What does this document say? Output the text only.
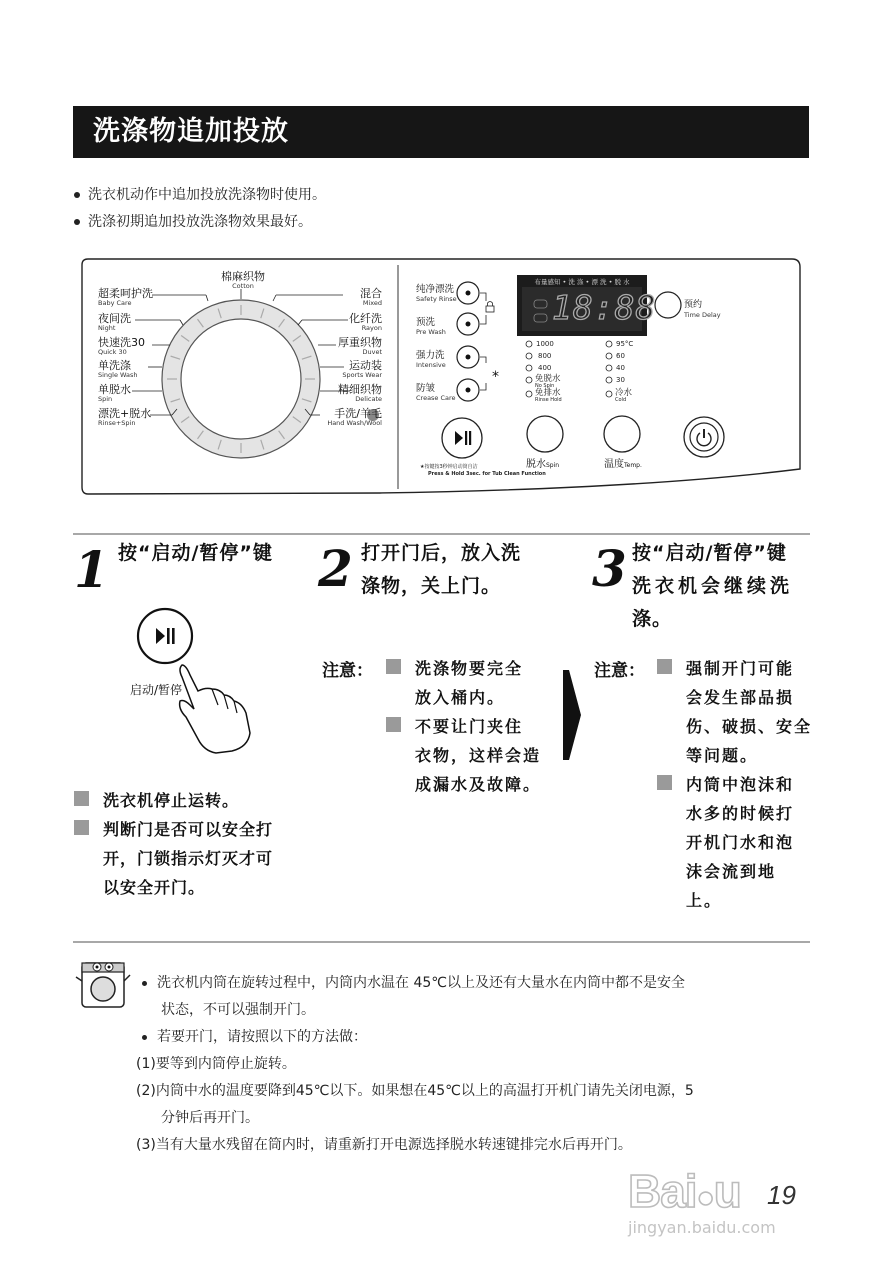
洗涤物追加投放
洗衣机动作中追加投放洗涤物时使用。
洗涤初期追加投放洗涤物效果最好。
*
棉麻织物
Cotton
超柔呵护洗
Baby Care
夜间洗
Night
快速洗30
Quick 30
单洗涤
Single Wash
单脱水
Spin
漂洗+脱水
Rinse+Spin
混合
Mixed
化纤洗
Rayon
厚重织物
Duvet
运动装
Sports Wear
精细织物
Delicate
手洗/羊毛
Hand Wash/Wool
纯净漂洗
Safety Rinse
预洗
Pre Wash
强力洗
Intensive
防皱
Crease Care
布量感知 • 洗 涤 • 漂 洗 • 脱 水
18:88	预约
Time Delay
1000
800
400
免脱水
No Spin
免排水
Rinse Hold
95°C
60
40
30
冷水
Cold
★按键按3秒钟启动筒自洁
Press & Hold 3sec. for Tub Clean Function
脱水Spin	温度Temp.
1 按“启动/暂停”键
启动/暂停
洗衣机停止运转。
判断门是否可以安全打
开，门锁指示灯灭才可
以安全开门。
2 打开门后，放入洗
涤物，关上门。
注意：	洗涤物要完全
放入桶内。
不要让门夹住
衣物，这样会造
成漏水及故障。
3 按“启动/暂停”键
洗衣机会继续洗
涤。
注意：	强制开门可能
会发生部品损
伤、破损、安全
等问题。
内筒中泡沫和
水多的时候打
开机门水和泡
沫会流到地
上。
洗衣机内筒在旋转过程中，内筒内水温在 45℃以上及还有大量水在内筒中都不是安全
状态，不可以强制开门。
若要开门，请按照以下的方法做：
(1)要等到内筒停止旋转。
(2)内筒中水的温度要降到45℃以下。如果想在45℃以上的高温打开机门请先关闭电源，5
分钟后再开门。
(3)当有大量水残留在筒内时，请重新打开电源选择脱水转速键排完水后再开门。
Bai●u
jingyan.baidu.com
19
